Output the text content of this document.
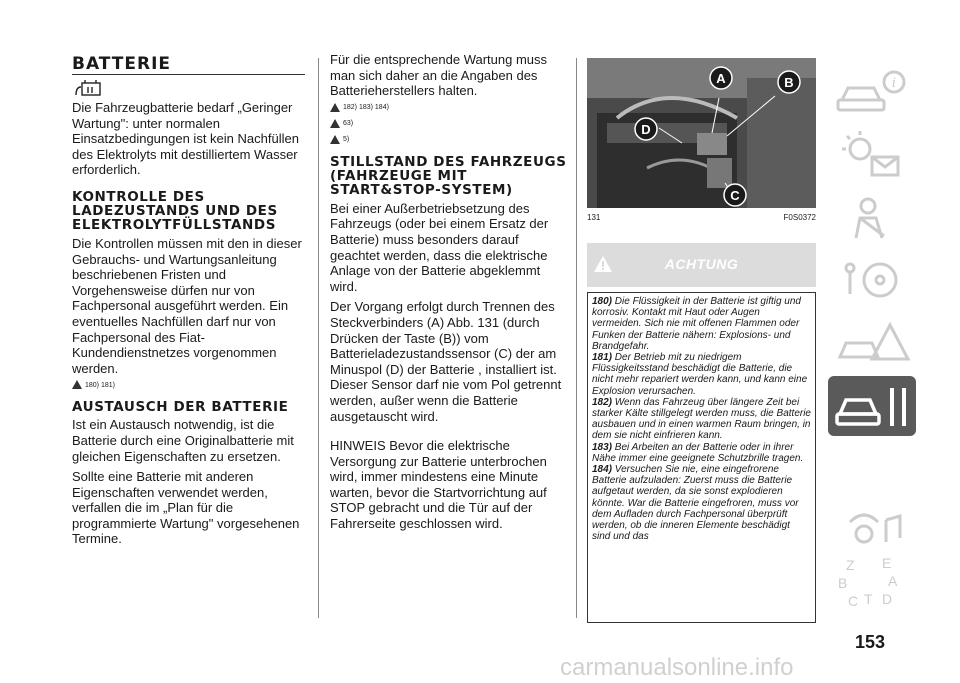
BATTERIE

Die Fahrzeugbatterie bedarf „Geringer Wartung": unter normalen Einsatzbedingungen ist kein Nachfüllen des Elektrolyts mit destilliertem Wasser erforderlich.

KONTROLLE DES LADEZUSTANDS UND DES ELEKTROLYTFÜLLSTANDS

Die Kontrollen müssen mit den in dieser Gebrauchs- und Wartungsanleitung beschriebenen Fristen und Vorgehensweise dürfen nur von Fachpersonal ausgeführt werden. Ein eventuelles Nachfüllen darf nur von Fachpersonal des Fiat-Kundendienstnetzes vorgenommen werden.

180) 181)
AUSTAUSCH DER BATTERIE

Ist ein Austausch notwendig, ist die Batterie durch eine Originalbatterie mit gleichen Eigenschaften zu ersetzen.

Sollte eine Batterie mit anderen Eigenschaften verwendet werden, verfallen die im „Plan für die programmierte Wartung" vorgesehenen Termine.

Für die entsprechende Wartung muss man sich daher an die Angaben des Batterieherstellers halten.

182) 183) 184)
63)
5)
STILLSTAND DES FAHRZEUGS (FAHRZEUGE MIT START&STOP-SYSTEM)

Bei einer Außerbetriebsetzung des Fahrzeugs (oder bei einem Ersatz der Batterie) muss besonders darauf geachtet werden, dass die elektrische Anlage von der Batterie abgeklemmt wird.

Der Vorgang erfolgt durch Trennen des Steckverbinders (A) Abb. 131 (durch Drücken der Taste (B)) vom Batterieladezustandssensor (C) der am Minuspol (D) der Batterie , installiert ist. Dieser Sensor darf nie vom Pol getrennt werden, außer wenn die Batterie ausgetauscht wird.

HINWEIS Bevor die elektrische Versorgung zur Batterie unterbrochen wird, immer mindestens eine Minute warten, bevor die Startvorrichtung auf STOP gebracht und die Tür auf der Fahrerseite geschlossen wird.

A	B
C
D
131	F0S0372
ACHTUNG
180) Die Flüssigkeit in der Batterie ist giftig und korrosiv. Kontakt mit Haut oder Augen vermeiden. Sich nie mit offenen Flammen oder Funken der Batterie nähern: Explosions- und Brandgefahr.
181) Der Betrieb mit zu niedrigem Flüssigkeitsstand beschädigt die Batterie, die nicht mehr repariert werden kann, und kann eine Explosion verursachen.
182) Wenn das Fahrzeug über längere Zeit bei starker Kälte stillgelegt werden muss, die Batterie ausbauen und in einen warmen Raum bringen, in dem sie nicht einfrieren kann.
183) Bei Arbeiten an der Batterie oder in ihrer Nähe immer eine geeignete Schutzbrille tragen.
184) Versuchen Sie nie, eine eingefrorene Batterie aufzuladen: Zuerst muss die Batterie aufgetaut werden, da sie sonst explodieren könnte. War die Batterie eingefroren, muss vor dem Aufladen durch Fachpersonal überprüft werden, ob die inneren Elemente beschädigt sind und das
i
Z E
B	A
C T D
153
carmanualsonline.info
